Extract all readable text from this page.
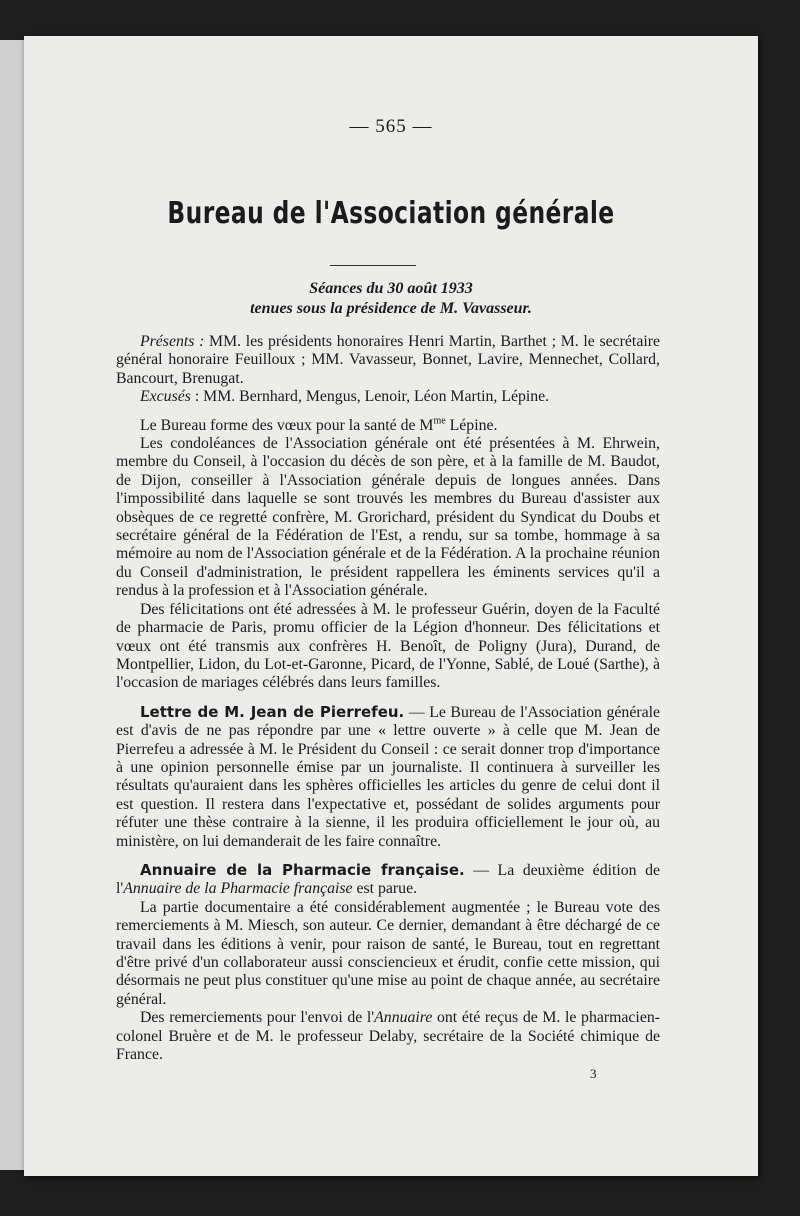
— 565 —
Bureau de l'Association générale
Séances du 30 août 1933
tenues sous la présidence de M. Vavasseur.

Présents : MM. les présidents honoraires Henri Martin, Barthet ; M. le secrétaire général honoraire Feuilloux ; MM. Vavasseur, Bonnet, Lavire, Mennechet, Collard, Bancourt, Brenugat.

Excusés : MM. Bernhard, Mengus, Lenoir, Léon Martin, Lépine.

Le Bureau forme des vœux pour la santé de $M^{me}$ Lépine.

Les condoléances de l'Association générale ont été présentées à M. Ehrwein, membre du Conseil, à l'occasion du décès de son père, et à la famille de M. Baudot, de Dijon, conseiller à l'Association générale depuis de longues années. Dans l'impossibilité dans laquelle se sont trouvés les membres du Bureau d'assister aux obsèques de ce regretté confrère, M. Grorichard, président du Syndicat du Doubs et secrétaire général de la Fédération de l'Est, a rendu, sur sa tombe, hommage à sa mémoire au nom de l'Association générale et de la Fédération. A la prochaine réunion du Conseil d'administration, le président rappellera les éminents services qu'il a rendus à la profession et à l'Association générale.

Des félicitations ont été adressées à M. le professeur Guérin, doyen de la Faculté de pharmacie de Paris, promu officier de la Légion d'honneur. Des félicitations et vœux ont été transmis aux confrères H. Benoît, de Poligny (Jura), Durand, de Montpellier, Lidon, du Lot-et-Garonne, Picard, de l'Yonne, Sablé, de Loué (Sarthe), à l'occasion de mariages célébrés dans leurs familles.

Lettre de M. Jean de Pierrefeu. — Le Bureau de l'Association générale est d'avis de ne pas répondre par une « lettre ouverte » à celle que M. Jean de Pierrefeu a adressée à M. le Président du Conseil : ce serait donner trop d'importance à une opinion personnelle émise par un journaliste. Il continuera à surveiller les résultats qu'auraient dans les sphères officielles les articles du genre de celui dont il est question. Il restera dans l'expectative et, possédant de solides arguments pour réfuter une thèse contraire à la sienne, il les produira officiellement le jour où, au ministère, on lui demanderait de les faire connaître.

Annuaire de la Pharmacie française. — La deuxième édition de l'Annuaire de la Pharmacie française est parue.

La partie documentaire a été considérablement augmentée ; le Bureau vote des remerciements à M. Miesch, son auteur. Ce dernier, demandant à être déchargé de ce travail dans les éditions à venir, pour raison de santé, le Bureau, tout en regrettant d'être privé d'un collaborateur aussi consciencieux et érudit, confie cette mission, qui désormais ne peut plus constituer qu'une mise au point de chaque année, au secrétaire général.

Des remerciements pour l'envoi de l'Annuaire ont été reçus de M. le pharmacien-colonel Bruère et de M. le professeur Delaby, secrétaire de la Société chimique de France.

3
